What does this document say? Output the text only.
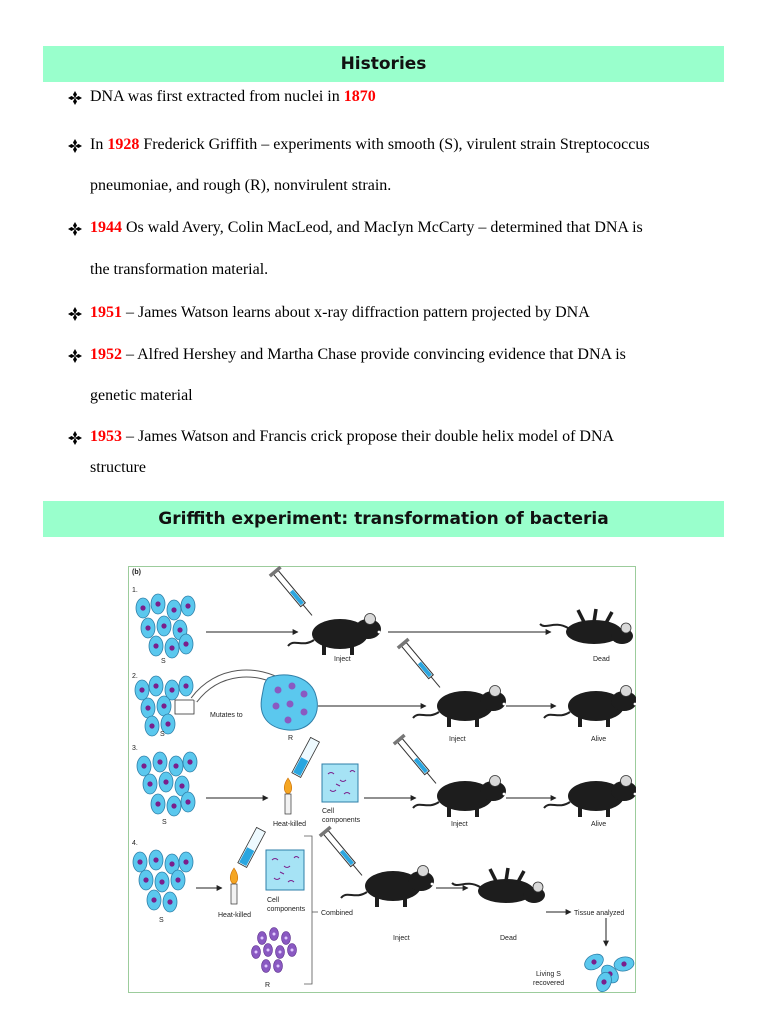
Histories
DNA was first extracted from nuclei in 1870
In 1928 Frederick Griffith – experiments with smooth (S), virulent strain Streptococcus
pneumoniae, and rough (R), nonvirulent strain.
1944 Os wald Avery, Colin MacLeod, and MacIyn McCarty – determined that DNA is
the transformation material.
1951 – James Watson learns about x-ray diffraction pattern projected by DNA
1952 – Alfred Hershey and Martha Chase provide convincing evidence that DNA is
genetic material
1953 – James Watson and Francis crick propose their double helix model of DNA
structure
Griffith experiment: transformation of bacteria
(b)
1.
2.
3.
4.
S	Inject	Dead
Mutates to
S
R	Inject	Alive
S	Heat-killed
Cell
components
Inject	Alive
S
Heat-killed
Cell
components
R
Combined
Inject	Dead
Tissue analyzed
Living S
recovered
